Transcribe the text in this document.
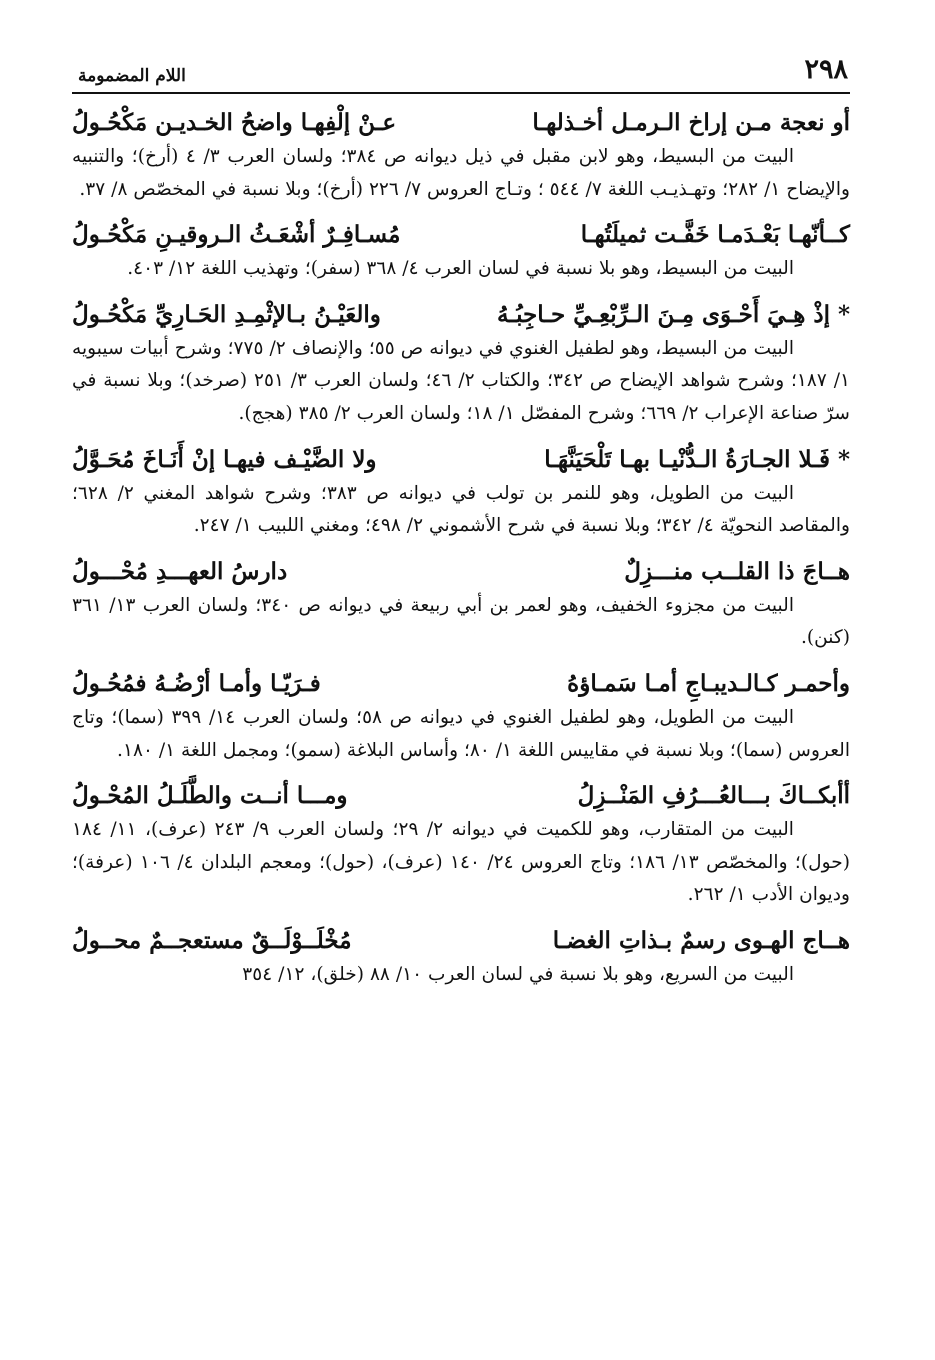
٢٩٨
اللام المضمومة
أو نعجة مـن إراخ الـرمـل أخـذلهـا
عـنْ إلْفِهـا واضحُ الخـديـن مَكْحُـولُ

البيت من البسيط، وهو لابن مقبل في ذيل ديوانه ص ٣٨٤؛ ولسان العرب ٣/ ٤ (أرخ)؛ والتنبيه والإيضاح ١/ ٢٨٢؛ وتهـذيـب اللغة ٧/ ٥٤٤ ؛ وتـاج العروس ٧/ ٢٢٦ (أرخ)؛ وبلا نسبة في المخصّص ٨/ ٣٧.

كــأنّهـا بَعْـدَمـا خَفَّـت ثميلَتُهـا
مُسـافِـرٌ أشْعَـثُ الـروقيـنِ مَكْحُـولُ

البيت من البسيط، وهو بلا نسبة في لسان العرب ٤/ ٣٦٨ (سفر)؛ وتهذيب اللغة ١٢/ ٤٠٣.

* إذْ هِـيَ أَحْـوَى مِـنَ الـرِّبْعِـيِّ حـاجِبُـهُ
والعَيْـنُ بـالإثْمِـدِ الحَـارِيِّ مَكْحُـولُ

البيت من البسيط، وهو لطفيل الغنوي في ديوانه ص ٥٥؛ والإنصاف ٢/ ٧٧٥؛ وشرح أبيات سيبويه ١/ ١٨٧؛ وشرح شواهد الإيضاح ص ٣٤٢؛ والكتاب ٢/ ٤٦؛ ولسان العرب ٣/ ٢٥١ (صرخد)؛ وبلا نسبة في سرّ صناعة الإعراب ٢/ ٦٦٩؛ وشرح المفصّل ١/ ١٨؛ ولسان العرب ٢/ ٣٨٥ (هجج).

* فَـلا الجـارَةُ الـدُّنْيـا بهـا تَلْحَيَنَّهَـا
ولا الضَّيْـف فيهـا إنْ أَنَـاخَ مُحَـوَّلُ

البيت من الطويل، وهو للنمر بن تولب في ديوانه ص ٣٨٣؛ وشرح شواهد المغني ٢/ ٦٢٨؛ والمقاصد النحويّة ٤/ ٣٤٢؛ وبلا نسبة في شرح الأشموني ٢/ ٤٩٨؛ ومغني اللبيب ١/ ٢٤٧.

هــاجَ ذا القلــب منـــزِلٌ
دارسُ العهـــدِ مُحْـــولُ

البيت من مجزوء الخفيف، وهو لعمر بن أبي ربيعة في ديوانه ص ٣٤٠؛ ولسان العرب ١٣/ ٣٦١ (كنن).

وأحمـر كـالـديبـاجِ أمـا سَمـاؤهُ
فـرَيّـا وأمـا أرْضُـهُ فمُحُـولُ

البيت من الطويل، وهو لطفيل الغنوي في ديوانه ص ٥٨؛ ولسان العرب ١٤/ ٣٩٩ (سما)؛ وتاج العروس (سما)؛ وبلا نسبة في مقاييس اللغة ١/ ٨٠؛ وأساس البلاغة (سمو)؛ ومجمل اللغة ١/ ١٨٠.

أأبكــاكَ بـــالعُـــرُفِ المَنْــزِلُ
ومـــا أنــت والطَّلَـلُ المُحْـولُ

البيت من المتقارب، وهو للكميت في ديوانه ٢/ ٢٩؛ ولسان العرب ٩/ ٢٤٣ (عرف)، ١١/ ١٨٤ (حول)؛ والمخصّص ١٣/ ١٨٦؛ وتاج العروس ٢٤/ ١٤٠ (عرف)، (حول)؛ ومعجم البلدان ٤/ ١٠٦ (عرفة)؛ وديوان الأدب ١/ ٢٦٢.

هــاج الهـوى رسمٌ بـذاتِ الغضـا
مُخْلَــوْلَــقٌ مستعجــمٌ محــولُ

البيت من السريع، وهو بلا نسبة في لسان العرب ١٠/ ٨٨ (خلق)، ١٢/ ٣٥٤
